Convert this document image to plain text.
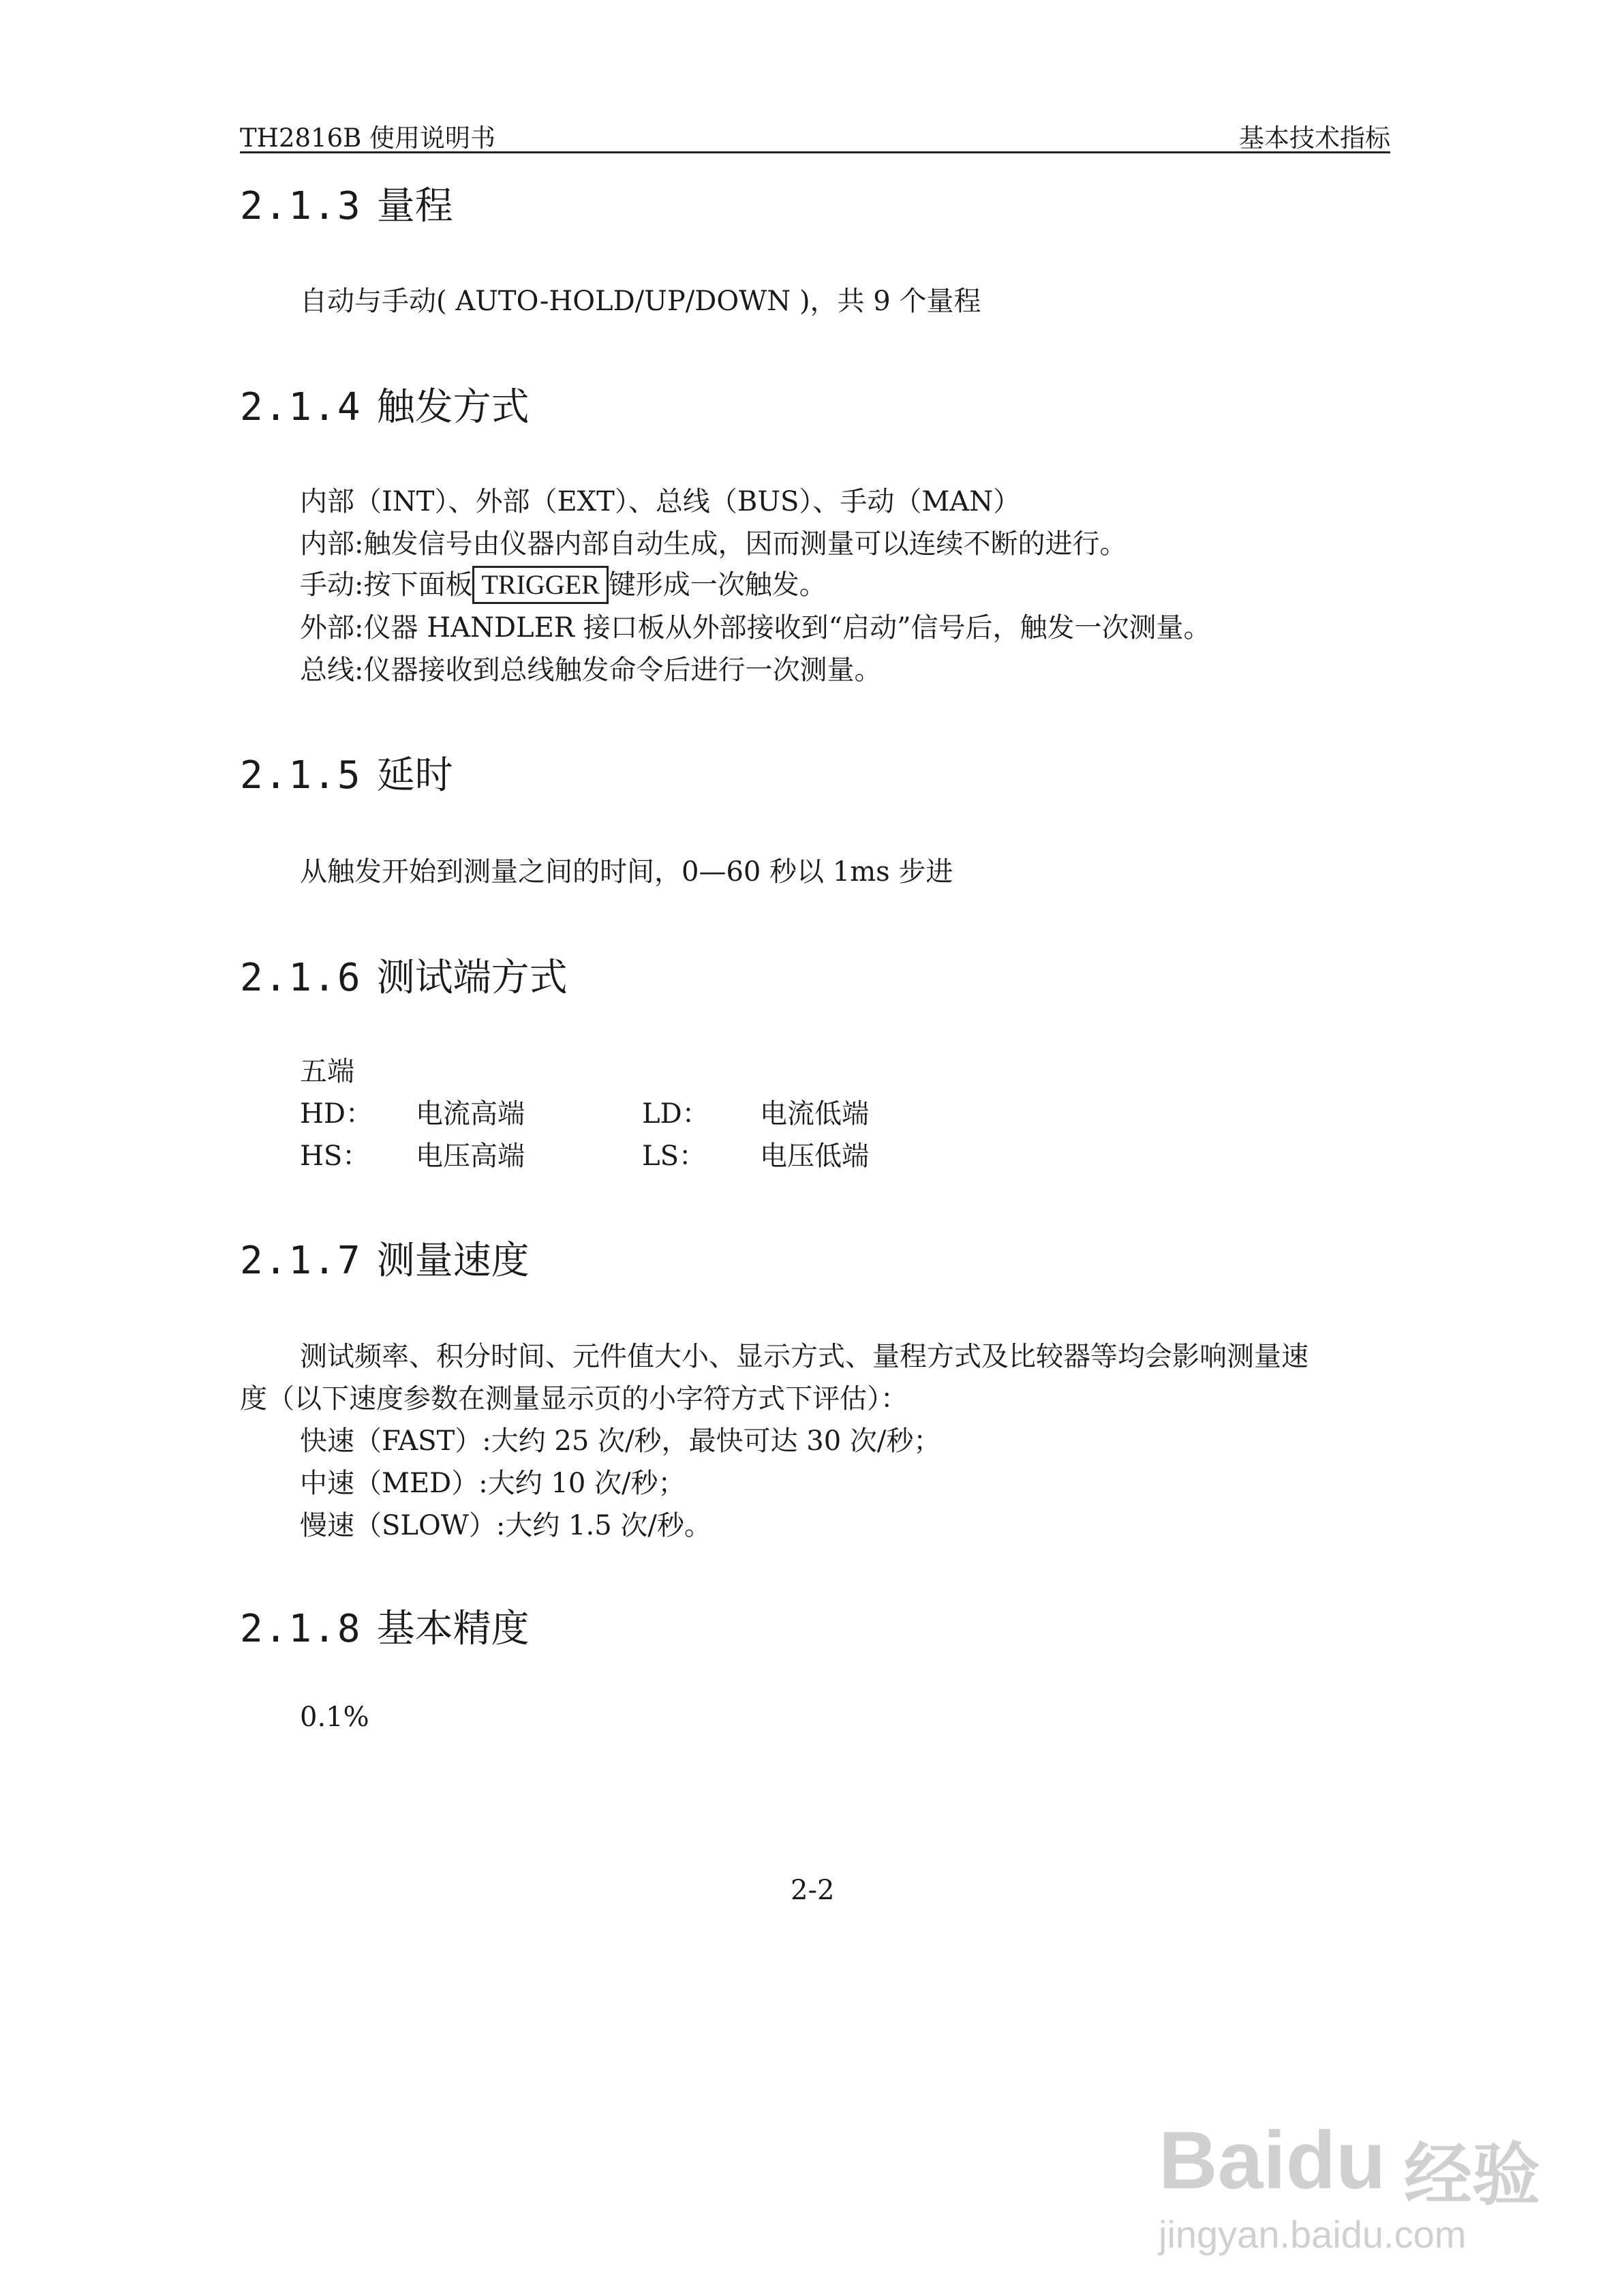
TH2816B 使用说明书	基本技术指标
2.1.3 量程
自动与手动( AUTO-HOLD/UP/DOWN )，共 9 个量程
2.1.4 触发方式
内部（INT）、外部（EXT）、总线（BUS）、手动（MAN）
内部:触发信号由仪器内部自动生成，因而测量可以连续不断的进行。
手动:按下面板 TRIGGER 键形成一次触发。
外部:仪器 HANDLER 接口板从外部接收到“启动”信号后，触发一次测量。
总线:仪器接收到总线触发命令后进行一次测量。
2.1.5 延时
从触发开始到测量之间的时间，0—60 秒以 1ms 步进
2.1.6 测试端方式
五端
HD： 电流高端	LD： 电流低端
HS： 电压高端	LS： 电压低端
2.1.7 测量速度
测试频率、积分时间、元件值大小、显示方式、量程方式及比较器等均会影响测量速
度（以下速度参数在测量显示页的小字符方式下评估）：
快速（FAST）:大约 25 次/秒，最快可达 30 次/秒；
中速（MED）:大约 10 次/秒；
慢速（SLOW）:大约 1.5 次/秒。
2.1.8 基本精度
0.1%
2-2
Baidu 经验
jingyan.baidu.com
